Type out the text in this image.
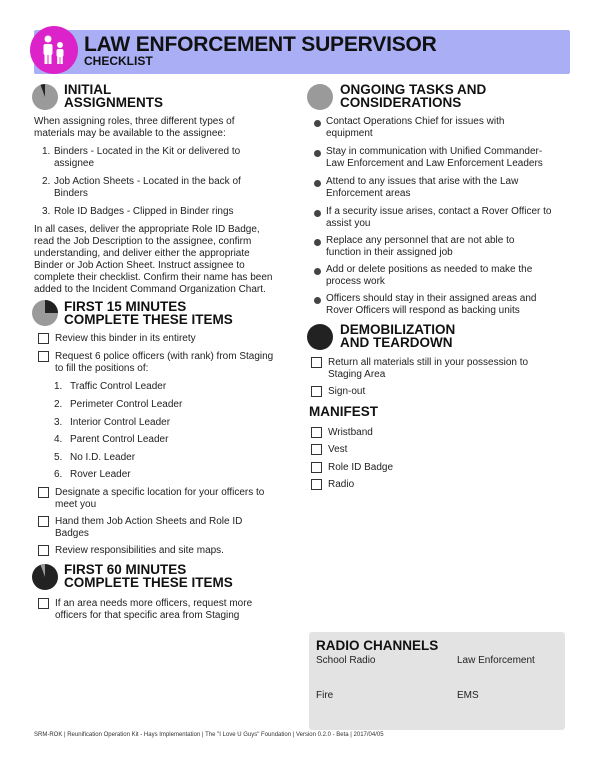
LAW ENFORCEMENT SUPERVISOR
CHECKLIST
INITIAL
ASSIGNMENTS
When assigning roles, three different types of
materials may be available to the assignee:
1. Binders - Located in the Kit or delivered to
assignee
2. Job Action Sheets - Located in the back of
Binders
3. Role ID Badges - Clipped in Binder rings
In all cases, deliver the appropriate Role ID Badge,
read the Job Description to the assignee, confirm
understanding, and deliver either the appropriate
Binder or Job Action Sheet. Instruct assignee to
complete their checklist. Confirm their name has been
added to the Incident Command Organization Chart.
FIRST 15 MINUTES
COMPLETE THESE ITEMS
Review this binder in its entirety
Request 6 police officers (with rank) from Staging
to fill the positions of:
1. Traffic Control Leader
2. Perimeter Control Leader
3. Interior Control Leader
4. Parent Control Leader
5. No I.D. Leader
6. Rover Leader
Designate a specific location for your officers to
meet you
Hand them Job Action Sheets and Role ID
Badges
Review responsibilities and site maps.
FIRST 60 MINUTES
COMPLETE THESE ITEMS
If an area needs more officers, request more
officers for that specific area from Staging
ONGOING TASKS AND
CONSIDERATIONS
Contact Operations Chief for issues with
equipment
Stay in communication with Unified Commander-
Law Enforcement and Law Enforcement Leaders
Attend to any issues that arise with the Law
Enforcement areas
If a security issue arises, contact a Rover Officer to
assist you
Replace any personnel that are not able to
function in their assigned job
Add or delete positions as needed to make the
process work
Officers should stay in their assigned areas and
Rover Officers will respond as backing units
DEMOBILIZATION
AND TEARDOWN
Return all materials still in your possession to
Staging Area
Sign-out
MANIFEST
Wristband
Vest
Role ID Badge
Radio
RADIO CHANNELS
School Radio	Law Enforcement
Fire	EMS
SRM-ROK | Reunification Operation Kit - Hays Implementation | The "I Love U Guys" Foundation | Version 0.2.0 - Beta | 2017/04/05
